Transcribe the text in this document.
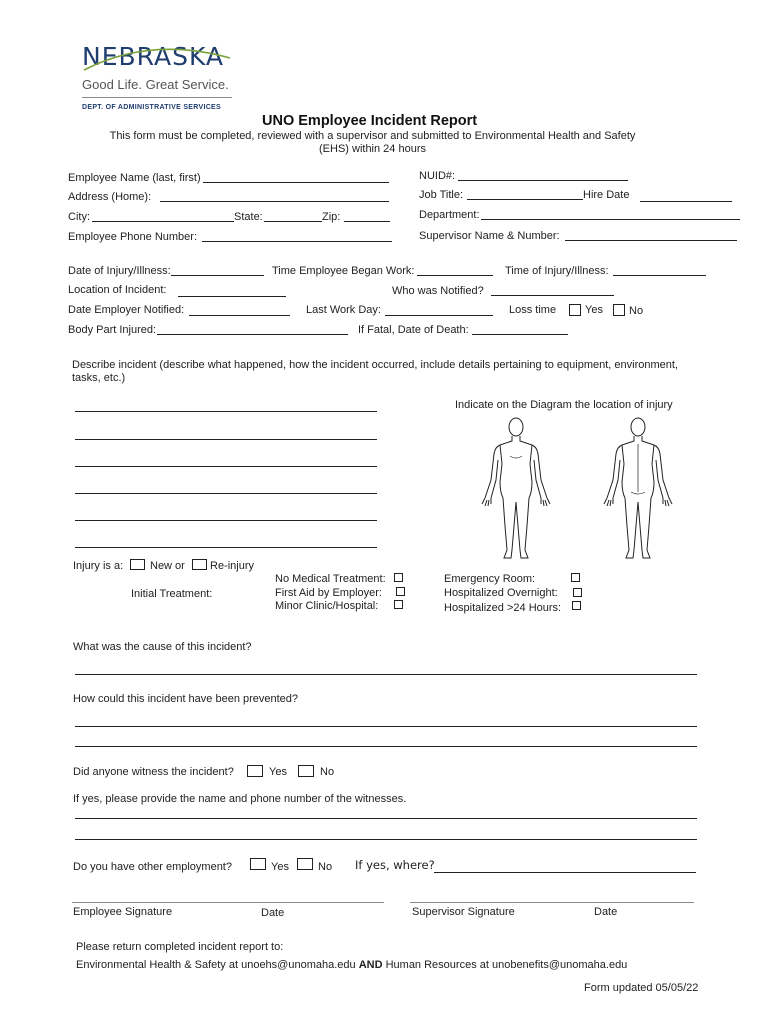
NEBRASKA
Good Life. Great Service.
DEPT. OF ADMINISTRATIVE SERVICES
UNO Employee Incident Report
This form must be completed, reviewed with a supervisor and submitted to Environmental Health and Safety
(EHS) within 24 hours
Employee Name (last, first)
Address (Home):
City:	State:	Zip:
Employee Phone Number:
NUID#:
Job Title:	Hire Date
Department:
Supervisor Name & Number:
Date of Injury/Illness:	Time Employee Began Work:	Time of Injury/Illness:
Location of Incident:	Who was Notified?
Date Employer Notified:	Last Work Day:	Loss time	Yes No
Body Part Injured:	If Fatal, Date of Death:
Describe incident (describe what happened, how the incident occurred, include details pertaining to equipment, environment,
tasks, etc.)
Indicate on the Diagram the location of injury
Injury is a: New or Re-injury
Initial Treatment:
No Medical Treatment:
First Aid by Employer:
Minor Clinic/Hospital:
Emergency Room:
Hospitalized Overnight:
Hospitalized >24 Hours:
What was the cause of this incident?
How could this incident have been prevented?
Did anyone witness the incident?	Yes	No
If yes, please provide the name and phone number of the witnesses.
Do you have other employment?	Yes	No If yes, where?
Employee Signature	Date	Supervisor Signature	Date
Please return completed incident report to:
Environmental Health & Safety at unoehs@unomaha.edu AND Human Resources at unobenefits@unomaha.edu
Form updated 05/05/22
